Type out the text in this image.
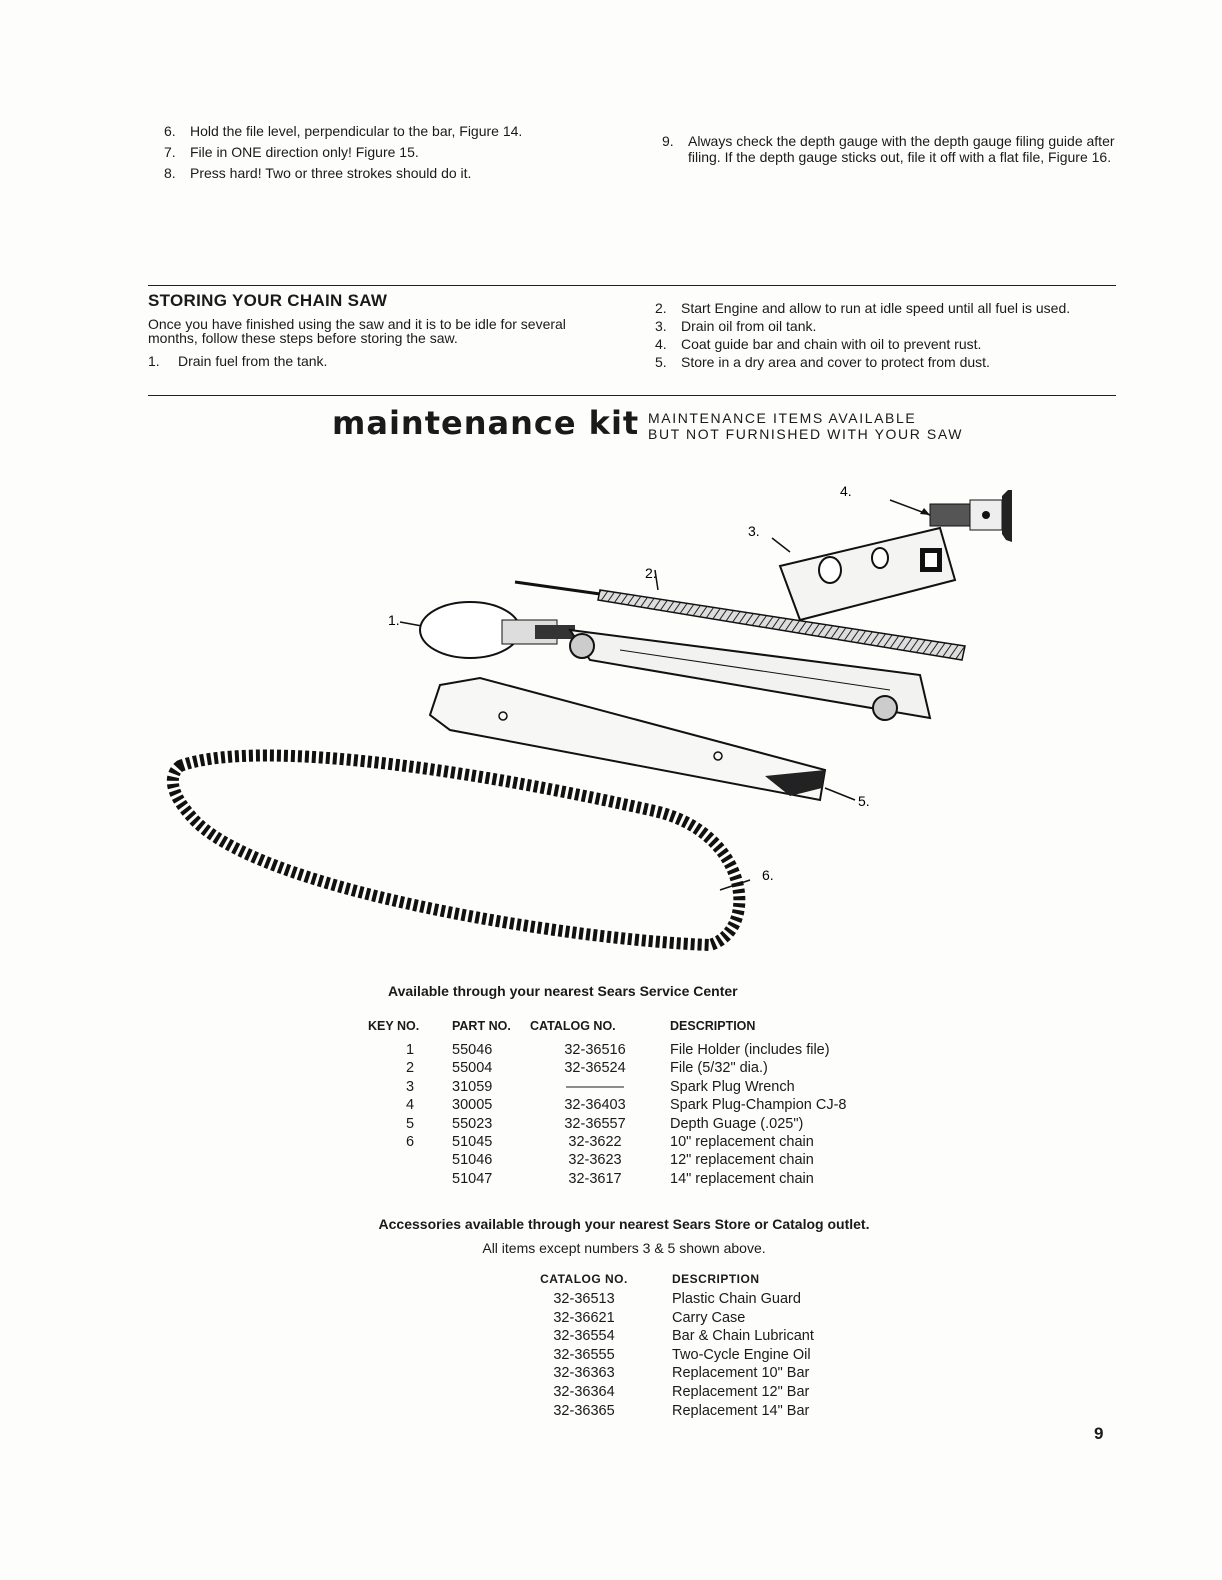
6. Hold the file level, perpendicular to the bar, Figure 14.
7. File in ONE direction only! Figure 15.
8. Press hard! Two or three strokes should do it.
9. Always check the depth gauge with the depth gauge filing guide after filing. If the depth gauge sticks out, file it off with a flat file, Figure 16.
STORING YOUR CHAIN SAW
Once you have finished using the saw and it is to be idle for several months, follow these steps before storing the saw.
1. Drain fuel from the tank.
2. Start Engine and allow to run at idle speed until all fuel is used.
3. Drain oil from oil tank.
4. Coat guide bar and chain with oil to prevent rust.
5. Store in a dry area and cover to protect from dust.
maintenance kit MAINTENANCE ITEMS AVAILABLE
BUT NOT FURNISHED WITH YOUR SAW
1.
2.
3.
4.
5.
6.
Available through your nearest Sears Service Center
KEY NO.	PART NO.	CATALOG NO.	DESCRIPTION
1	55046	32-36516	File Holder (includes file)
2	55004	32-36524	File (5/32" dia.)
3	31059	————	Spark Plug Wrench
4	30005	32-36403	Spark Plug-Champion CJ-8
5	55023	32-36557	Depth Guage (.025")
6	51045	32-3622	10" replacement chain
	51046	32-3623	12" replacement chain
	51047	32-3617	14" replacement chain
Accessories available through your nearest Sears Store or Catalog outlet.
All items except numbers 3 & 5 shown above.
CATALOG NO.	DESCRIPTION
32-36513	Plastic Chain Guard
32-36621	Carry Case
32-36554	Bar & Chain Lubricant
32-36555	Two-Cycle Engine Oil
32-36363	Replacement 10" Bar
32-36364	Replacement 12" Bar
32-36365	Replacement 14" Bar
9
